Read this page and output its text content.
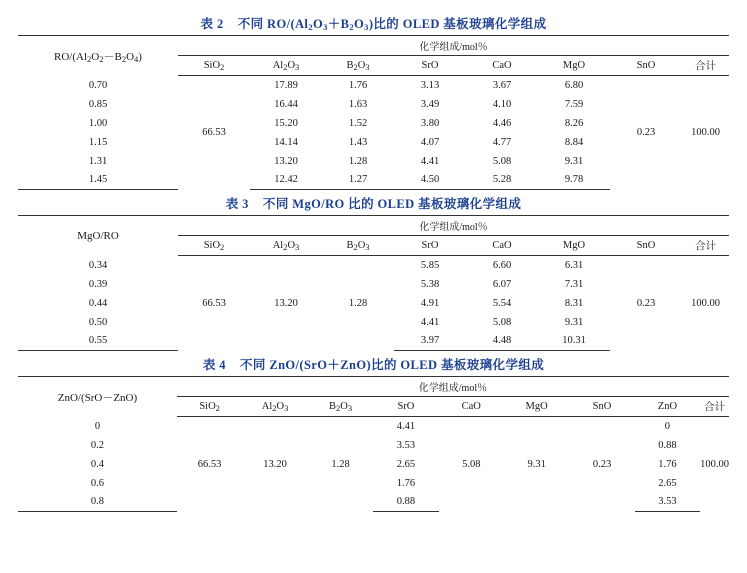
表 2    不同 $RO/(Al_2O_3+B_2O_3)$比的 OLED 基板玻璃化学组成
$RO/(Al_2O_2-B_2O_4)$	化学组成/mol％							
	SiO$_2$	$Al_2O_3$	$B_2O_3$	SrO	CaO	MgO	SnO	合计
0.70	66.53	17.89	1.76	3.13	3.67	6.80	0.23	100.00
0.85		16.44	1.63	3.49	4.10	7.59		
1.00		15.20	1.52	3.80	4.46	8.26		
1.15		14.14	1.43	4.07	4.77	8.84		
1.31		13.20	1.28	4.41	5.08	9.31		
1.45		12.42	1.27	4.50	5.28	9.78		
表 3    不同 MgO/RO 比的 OLED 基板玻璃化学组成
MgO/RO	化学组成/mol％							
	SiO$_2$	$Al_2O_3$	$B_2O_3$	SrO	CaO	MgO	SnO	合计
0.34	66.53	13.20	1.28	5.85	6.60	6.31	0.23	100.00
0.39				5.38	6.07	7.31		
0.44				4.91	5.54	8.31		
0.50				4.41	5.08	9.31		
0.55				3.97	4.48	10.31		
表 4    不同 ZnO/(SrO＋ZnO)比的 OLED 基板玻璃化学组成
ZnO/(SrO－ZnO)	化学组成/mol％								
	SiO$_2$	$Al_2O_3$	$B_2O_3$	SrO	CaO	MgO	SnO	ZnO	合计
0	66.53	13.20	1.28	4.41	5.08	9.31	0.23	0	100.00
0.2				3.53				0.88	
0.4				2.65				1.76	
0.6				1.76				2.65	
0.8				0.88				3.53	
